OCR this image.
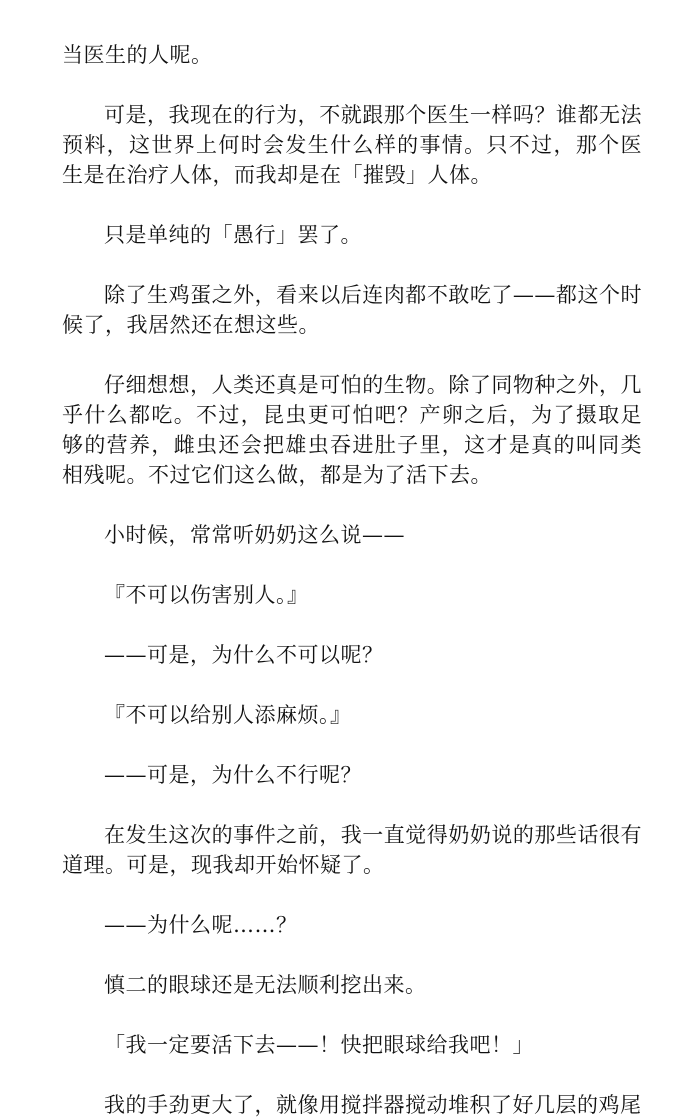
当医生的人呢。

可是，我现在的行为，不就跟那个医生一样吗？谁都无法预料，这世界上何时会发生什么样的事情。只不过，那个医生是在治疗人体，而我却是在「摧毁」人体。

只是单纯的「愚行」罢了。

除了生鸡蛋之外，看来以后连肉都不敢吃了——都这个时候了，我居然还在想这些。

仔细想想，人类还真是可怕的生物。除了同物种之外，几乎什么都吃。不过，昆虫更可怕吧？产卵之后，为了摄取足够的营养，雌虫还会把雄虫吞进肚子里，这才是真的叫同类相残呢。不过它们这么做，都是为了活下去。

小时候，常常听奶奶这么说——

『不可以伤害别人。』

——可是，为什么不可以呢？

『不可以给别人添麻烦。』

——可是，为什么不行呢？

在发生这次的事件之前，我一直觉得奶奶说的那些话很有道理。可是，现我却开始怀疑了。

——为什么呢……？

慎二的眼球还是无法顺利挖出来。

「我一定要活下去——！快把眼球给我吧！」

我的手劲更大了，就像用搅拌器搅动堆积了好几层的鸡尾
